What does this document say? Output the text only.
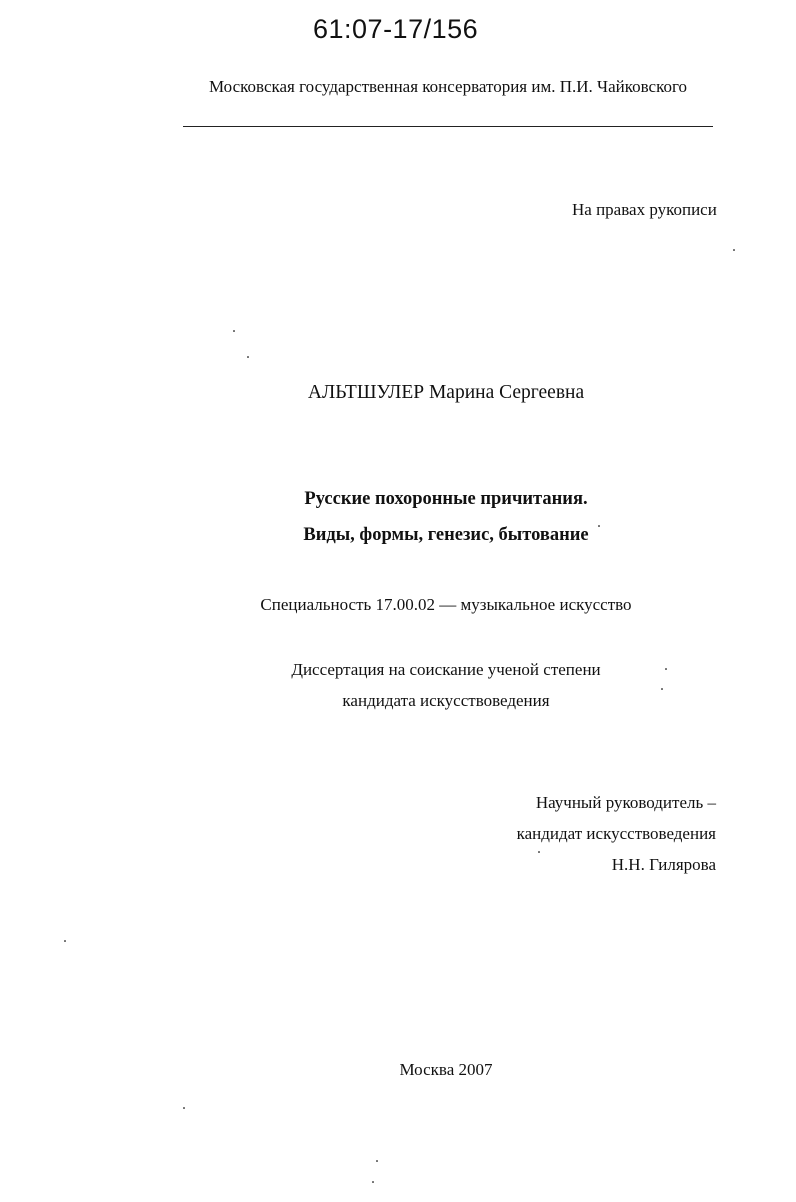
61:07-17/156
Московская государственная консерватория им. П.И. Чайковского
На правах рукописи
АЛЬТШУЛЕР Марина Сергеевна
Русские похоронные причитания.
Виды, формы, генезис, бытование
Специальность 17.00.02 — музыкальное искусство
Диссертация на соискание ученой степени
кандидата искусствоведения
Научный руководитель –
кандидат искусствоведения
Н.Н. Гилярова
Москва 2007
